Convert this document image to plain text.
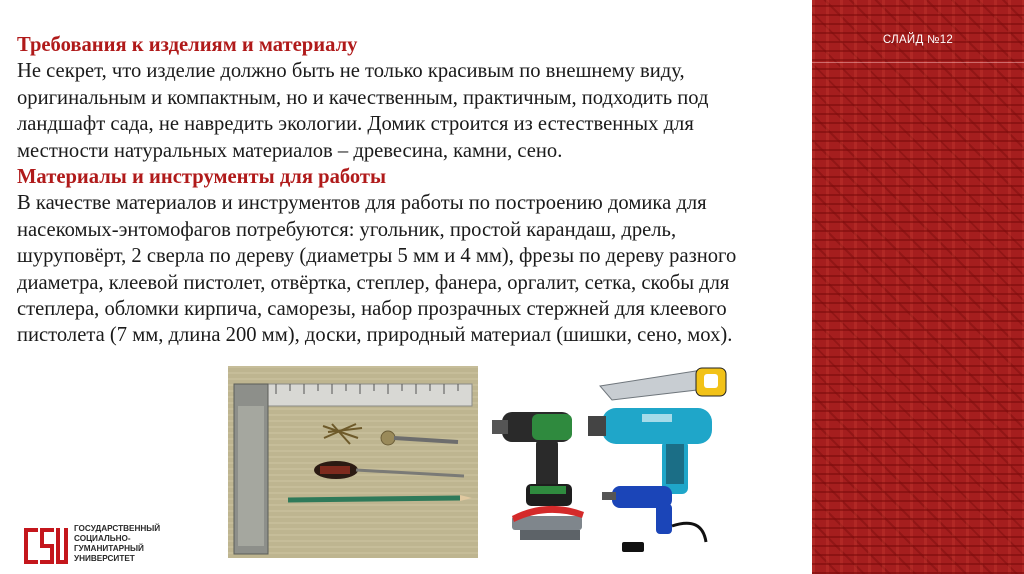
СЛАЙД №12

Требования к изделиям и материалу

Не секрет, что изделие должно быть не только красивым по внешнему виду, оригинальным и компактным, но и качественным, практичным, подходить под ландшафт сада, не навредить экологии. Домик строится из естественных для местности натуральных материалов – древесина, камни, сено.

Материалы и инструменты для работы

В качестве материалов и инструментов для работы по построению домика для насекомых-энтомофагов потребуются: угольник, простой карандаш, дрель, шуруповёрт, 2 сверла по дереву (диаметры 5 мм и 4 мм), фрезы по дереву разного диаметра, клеевой пистолет, отвёртка, степлер, фанера, оргалит, сетка, скобы для степлера, обломки кирпича, саморезы, набор прозрачных стержней для клеевого пистолета (7 мм, длина 200 мм), доски, природный материал (шишки, сено, мох).

ГОСУДАРСТВЕННЫЙ
СОЦИАЛЬНО-
ГУМАНИТАРНЫЙ
УНИВЕРСИТЕТ
